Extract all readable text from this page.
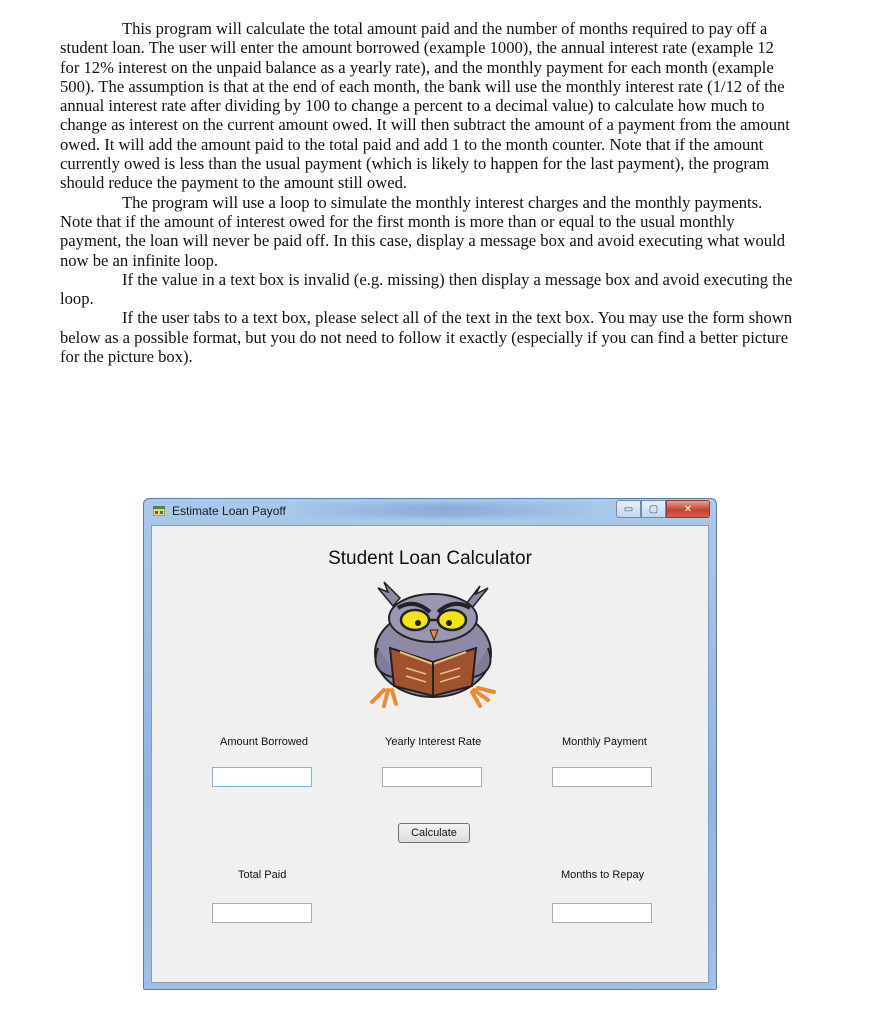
This program will calculate the total amount paid and the number of months required to pay off a student loan. The user will enter the amount borrowed (example 1000), the annual interest rate (example 12 for 12% interest on the unpaid balance as a yearly rate), and the monthly payment for each month (example 500). The assumption is that at the end of each month, the bank will use the monthly interest rate (1/12 of the annual interest rate after dividing by 100 to change a percent to a decimal value) to calculate how much to change as interest on the current amount owed. It will then subtract the amount of a payment from the amount owed. It will add the amount paid to the total paid and add 1 to the month counter. Note that if the amount currently owed is less than the usual payment (which is likely to happen for the last payment), the program should reduce the payment to the amount still owed.

The program will use a loop to simulate the monthly interest charges and the monthly payments. Note that if the amount of interest owed for the first month is more than or equal to the usual monthly payment, the loan will never be paid off. In this case, display a message box and avoid executing what would now be an infinite loop.

If the value in a text box is invalid (e.g. missing) then display a message box and avoid executing the loop.

If the user tabs to a text box, please select all of the text in the text box. You may use the form shown below as a possible format, but you do not need to follow it exactly (especially if you can find a better picture for the picture box).

Estimate Loan Payoff	▭	▢	✕
Student Loan Calculator
Amount Borrowed	Yearly Interest Rate	Monthly Payment
Calculate
Total Paid	Months to Repay
